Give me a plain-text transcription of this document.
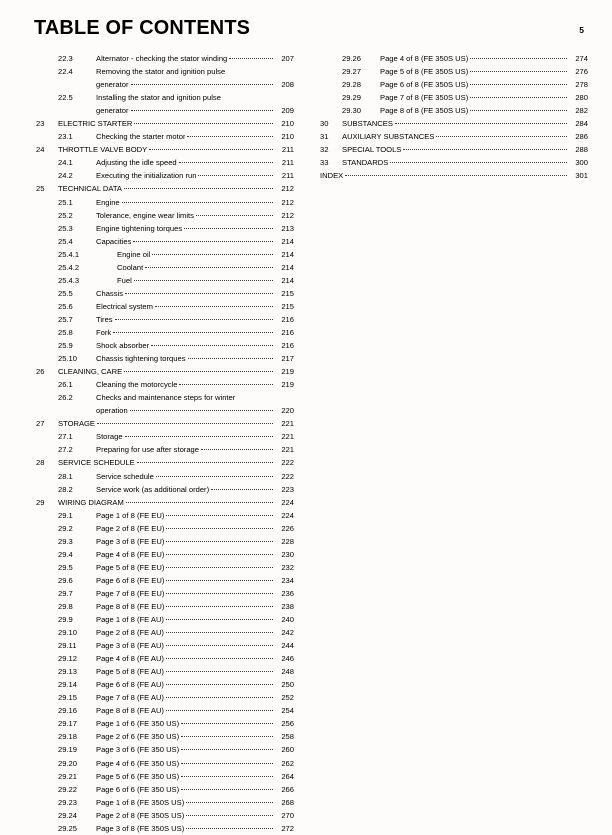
TABLE OF CONTENTS	5
22.3	Alternator - checking the stator winding	207
22.4	Removing the stator and ignition pulse
generator	208
22.5	Installing the stator and ignition pulse
generator	209
23	ELECTRIC STARTER	210
23.1	Checking the starter motor	210
24	THROTTLE VALVE BODY	211
24.1	Adjusting the idle speed	211
24.2	Executing the initialization run	211
25	TECHNICAL DATA	212
25.1	Engine	212
25.2	Tolerance, engine wear limits	212
25.3	Engine tightening torques	213
25.4	Capacities	214
25.4.1	Engine oil	214
25.4.2	Coolant	214
25.4.3	Fuel	214
25.5	Chassis	215
25.6	Electrical system	215
25.7	Tires	216
25.8	Fork	216
25.9	Shock absorber	216
25.10	Chassis tightening torques	217
26	CLEANING, CARE	219
26.1	Cleaning the motorcycle	219
26.2	Checks and maintenance steps for winter
operation	220
27	STORAGE	221
27.1	Storage	221
27.2	Preparing for use after storage	221
28	SERVICE SCHEDULE	222
28.1	Service schedule	222
28.2	Service work (as additional order)	223
29	WIRING DIAGRAM	224
29.1	Page 1 of 8 (FE EU)	224
29.2	Page 2 of 8 (FE EU)	226
29.3	Page 3 of 8 (FE EU)	228
29.4	Page 4 of 8 (FE EU)	230
29.5	Page 5 of 8 (FE EU)	232
29.6	Page 6 of 8 (FE EU)	234
29.7	Page 7 of 8 (FE EU)	236
29.8	Page 8 of 8 (FE EU)	238
29.9	Page 1 of 8 (FE AU)	240
29.10	Page 2 of 8 (FE AU)	242
29.11	Page 3 of 8 (FE AU)	244
29.12	Page 4 of 8 (FE AU)	246
29.13	Page 5 of 8 (FE AU)	248
29.14	Page 6 of 8 (FE AU)	250
29.15	Page 7 of 8 (FE AU)	252
29.16	Page 8 of 8 (FE AU)	254
29.17	Page 1 of 6 (FE 350 US)	256
29.18	Page 2 of 6 (FE 350 US)	258
29.19	Page 3 of 6 (FE 350 US)	260
29.20	Page 4 of 6 (FE 350 US)	262
29.21	Page 5 of 6 (FE 350 US)	264
29.22	Page 6 of 6 (FE 350 US)	266
29.23	Page 1 of 8 (FE 350S US)	268
29.24	Page 2 of 8 (FE 350S US)	270
29.25	Page 3 of 8 (FE 350S US)	272
29.26	Page 4 of 8 (FE 350S US)	274
29.27	Page 5 of 8 (FE 350S US)	276
29.28	Page 6 of 8 (FE 350S US)	278
29.29	Page 7 of 8 (FE 350S US)	280
29.30	Page 8 of 8 (FE 350S US)	282
30	SUBSTANCES	284
31	AUXILIARY SUBSTANCES	286
32	SPECIAL TOOLS	288
33	STANDARDS	300
INDEX	301
